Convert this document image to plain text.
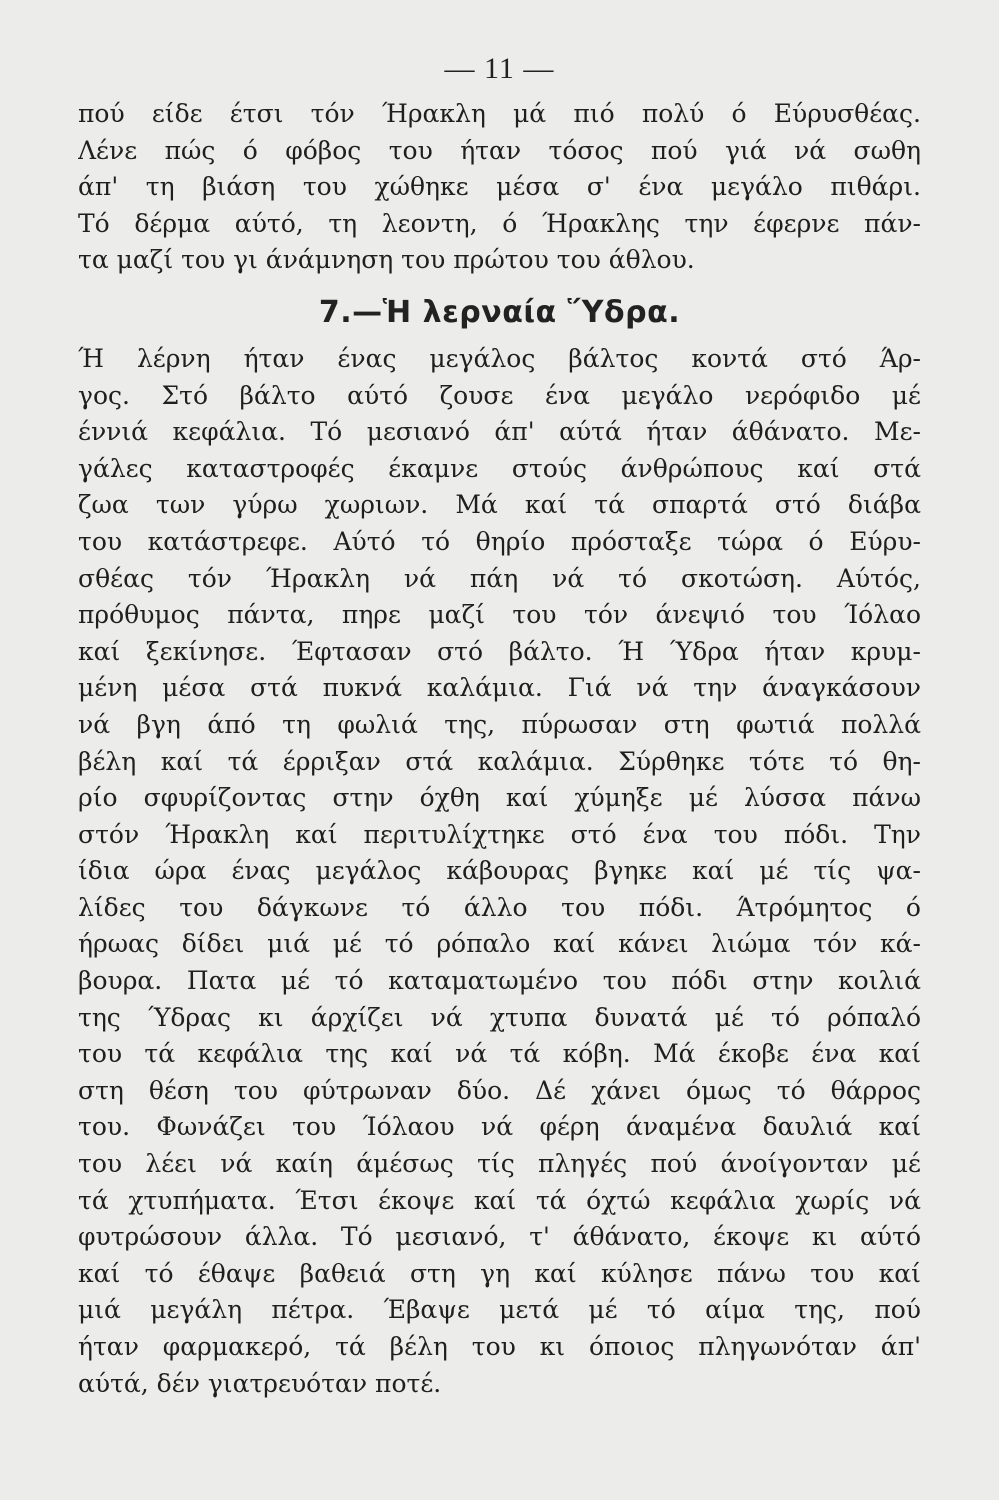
— 11 —
πού είδε έτσι τόν Ήρακλη μά πιό πολύ ό Εύρυσθέας.
Λένε πώς ό φόβος του ήταν τόσος πού γιά νά σωθη
άπ' τη βιάση του χώθηκε μέσα σ' ένα μεγάλο πιθάρι.
Τό δέρμα αύτό, τη λεοντη, ό Ήρακλης την έφερνε πάν-
τα μαζί του γι άνάμνηση του πρώτου του άθλου.
7.—Ἡ λερναία Ὕδρα.
Ή λέρνη ήταν ένας μεγάλος βάλτος κοντά στό Άρ-
γος. Στό βάλτο αύτό ζουσε ένα μεγάλο νερόφιδο μέ
έννιά κεφάλια. Τό μεσιανό άπ' αύτά ήταν άθάνατο. Με-
γάλες καταστροφές έκαμνε στούς άνθρώπους καί στά
ζωα των γύρω χωριων. Μά καί τά σπαρτά στό διάβα
του κατάστρεφε. Αύτό τό θηρίο πρόσταξε τώρα ό Εύρυ-
σθέας τόν Ήρακλη νά πάη νά τό σκοτώση. Αύτός,
πρόθυμος πάντα, πηρε μαζί του τόν άνεψιό του Ίόλαο
καί ξεκίνησε. Έφτασαν στό βάλτο. Ή Ύδρα ήταν κρυμ-
μένη μέσα στά πυκνά καλάμια. Γιά νά την άναγκάσουν
νά βγη άπό τη φωλιά της, πύρωσαν στη φωτιά πολλά
βέλη καί τά έρριξαν στά καλάμια. Σύρθηκε τότε τό θη-
ρίο σφυρίζοντας στην όχθη καί χύμηξε μέ λύσσα πάνω
στόν Ήρακλη καί περιτυλίχτηκε στό ένα του πόδι. Την
ίδια ώρα ένας μεγάλος κάβουρας βγηκε καί μέ τίς ψα-
λίδες του δάγκωνε τό άλλο του πόδι. Άτρόμητος ό
ήρωας δίδει μιά μέ τό ρόπαλο καί κάνει λιώμα τόν κά-
βουρα. Πατα μέ τό καταματωμένο του πόδι στην κοιλιά
της Ύδρας κι άρχίζει νά χτυπα δυνατά μέ τό ρόπαλό
του τά κεφάλια της καί νά τά κόβη. Μά έκοβε ένα καί
στη θέση του φύτρωναν δύο. Δέ χάνει όμως τό θάρρος
του. Φωνάζει του Ίόλαου νά φέρη άναμένα δαυλιά καί
του λέει νά καίη άμέσως τίς πληγές πού άνοίγονταν μέ
τά χτυπήματα. Έτσι έκοψε καί τά όχτώ κεφάλια χωρίς νά
φυτρώσουν άλλα. Τό μεσιανό, τ' άθάνατο, έκοψε κι αύτό
καί τό έθαψε βαθειά στη γη καί κύλησε πάνω του καί
μιά μεγάλη πέτρα. Έβαψε μετά μέ τό αίμα της, πού
ήταν φαρμακερό, τά βέλη του κι όποιος πληγωνόταν άπ'
αύτά, δέν γιατρευόταν ποτέ.
